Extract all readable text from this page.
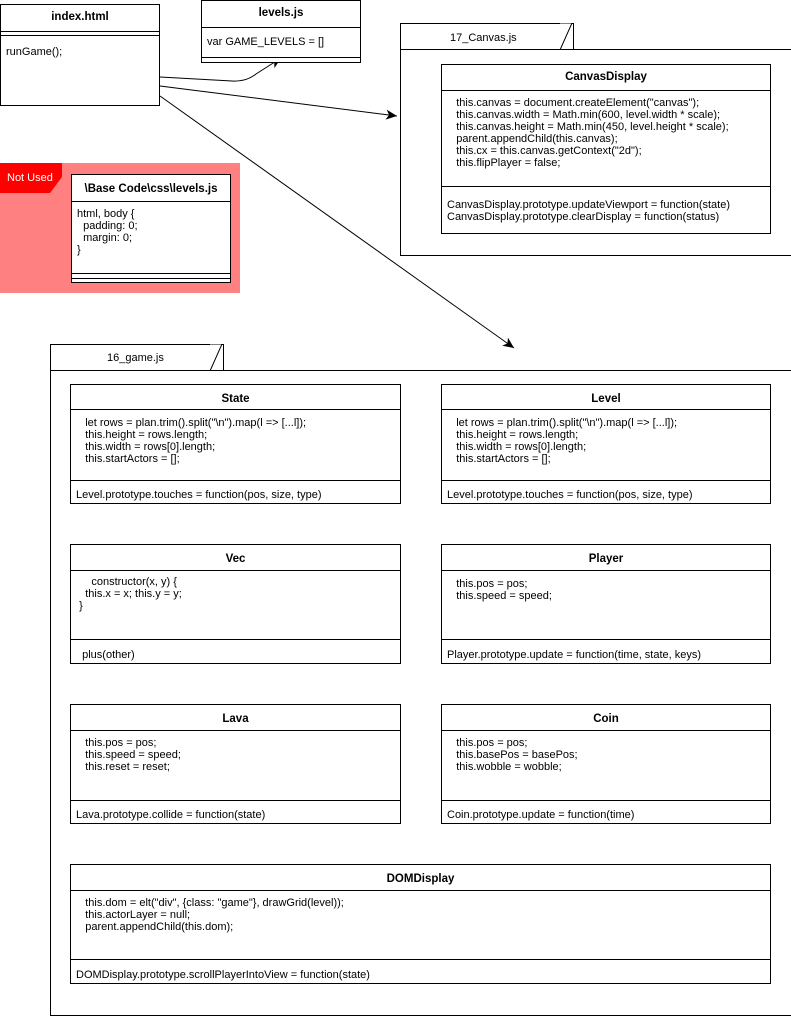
index.html
runGame();
levels.js
var GAME_LEVELS = []	17_Canvas.js
CanvasDisplay
this.canvas = document.createElement("canvas");
this.canvas.width = Math.min(600, level.width * scale);
this.canvas.height = Math.min(450, level.height * scale);
parent.appendChild(this.canvas);
this.cx = this.canvas.getContext("2d");
this.flipPlayer = false;
CanvasDisplay.prototype.updateViewport = function(state)
CanvasDisplay.prototype.clearDisplay = function(status)
Not Used
\Base Code\css\levels.js
html, body {
padding: 0;
margin: 0;
}
16_game.js
State
let rows = plan.trim().split("\n").map(l => [...l]);
this.height = rows.length;
this.width = rows[0].length;
this.startActors = [];
Level.prototype.touches = function(pos, size, type)
Level
let rows = plan.trim().split("\n").map(l => [...l]);
this.height = rows.length;
this.width = rows[0].length;
this.startActors = [];
Level.prototype.touches = function(pos, size, type)
Vec
constructor(x, y) {
this.x = x; this.y = y;
}
plus(other)
Player
this.pos = pos;
this.speed = speed;
Player.prototype.update = function(time, state, keys)
Lava
this.pos = pos;
this.speed = speed;
this.reset = reset;
Lava.prototype.collide = function(state)
Coin
this.pos = pos;
this.basePos = basePos;
this.wobble = wobble;
Coin.prototype.update = function(time)
DOMDisplay
this.dom = elt("div", {class: "game"}, drawGrid(level));
this.actorLayer = null;
parent.appendChild(this.dom);
DOMDisplay.prototype.scrollPlayerIntoView = function(state)
